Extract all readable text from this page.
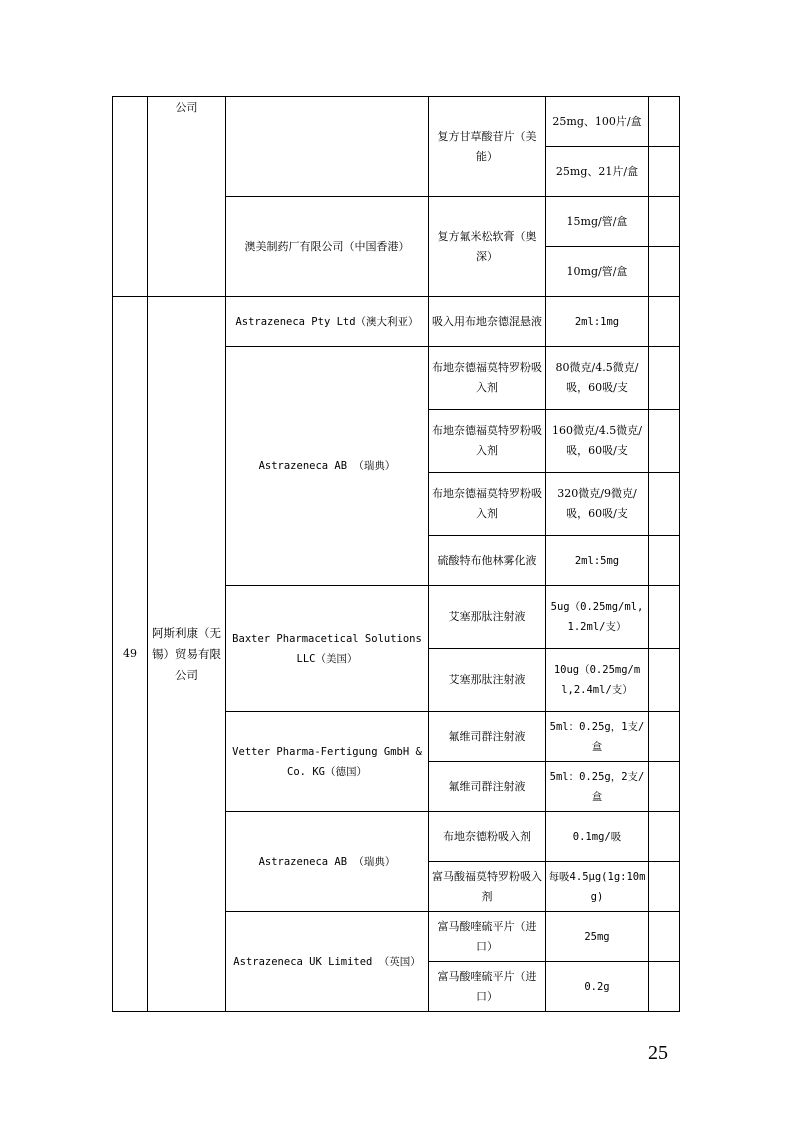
	公司		复方甘草酸苷片（美能）	25mg、100片/盒	
				25mg、21片/盒	
		澳美制药厂有限公司（中国香港）	复方氟米松软膏（奥深）	15mg/管/盒	
				10mg/管/盒	
49	阿斯利康（无锡）贸易有限公司	Astrazeneca Pty Ltd（澳大利亚）	吸入用布地奈德混悬液	2ml:1mg	
		Astrazeneca AB （瑞典）	布地奈德福莫特罗粉吸入剂	80微克/4.5微克/吸，60吸/支	
			布地奈德福莫特罗粉吸入剂	160微克/4.5微克/吸，60吸/支	
			布地奈德福莫特罗粉吸入剂	320微克/9微克/吸，60吸/支	
			硫酸特布他林雾化液	2ml:5mg	
		Baxter Pharmacetical Solutions LLC（美国）	艾塞那肽注射液	5ug（0.25mg/ml,1.2ml/支）	
			艾塞那肽注射液	10ug（0.25mg/ml,2.4ml/支）	
		Vetter Pharma-Fertigung GmbH & Co. KG（德国）	氟维司群注射液	5ml：0.25g，1支/盒	
			氟维司群注射液	5ml：0.25g，2支/盒	
		Astrazeneca AB （瑞典）	布地奈德粉吸入剂	0.1mg/吸	
			富马酸福莫特罗粉吸入剂	每吸4.5μg(1g:10mg)	
		Astrazeneca UK Limited （英国）	富马酸喹硫平片（进口）	25mg	
			富马酸喹硫平片（进口）	0.2g	
25
